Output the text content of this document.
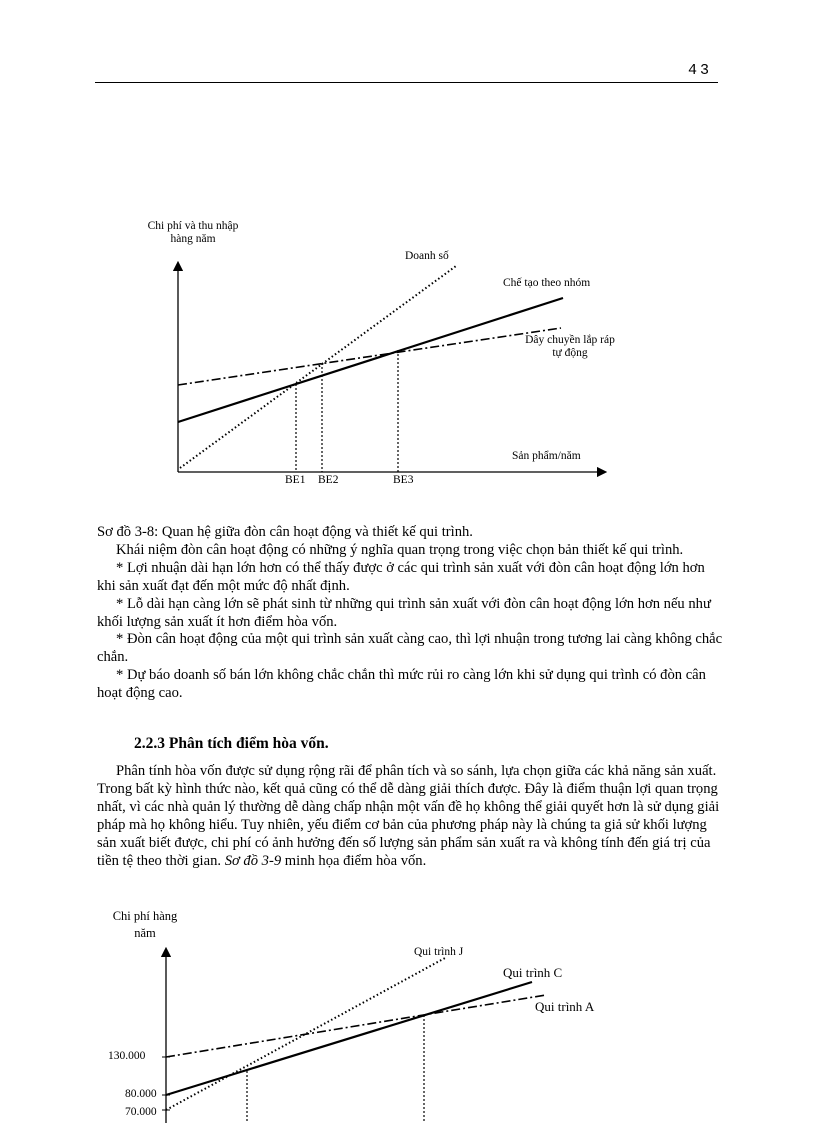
43
Chi phí và thu nhập
hàng năm
Doanh số
Chế tạo theo nhóm
Dây chuyền lắp ráp
tự động
Sản phẩm/năm
BE1 BE2	BE3

Sơ đồ 3-8: Quan hệ giữa đòn cân hoạt động và thiết kế qui trình.

Khái niệm đòn cân hoạt động có những ý nghĩa quan trọng trong việc chọn bản thiết kế qui trình.

* Lợi nhuận dài hạn lớn hơn có thể thấy được ở các qui trình sản xuất với đòn cân hoạt động lớn hơn khi sản xuất đạt đến một mức độ nhất định.

* Lỗ dài hạn càng lớn sẽ phát sinh từ những qui trình sản xuất với đòn cân hoạt động lớn hơn nếu như khối lượng sản xuất ít hơn điểm hòa vốn.

* Đòn cân hoạt động của một qui trình sản xuất càng cao, thì lợi nhuận trong tương lai càng không chắc chắn.

* Dự báo doanh số bán lớn không chắc chắn thì mức rủi ro càng lớn khi sử dụng qui trình có đòn cân hoạt động cao.

2.2.3 Phân tích điểm hòa vốn.

Phân tính hòa vốn được sử dụng rộng rãi để phân tích và so sánh, lựa chọn giữa các khả năng sản xuất. Trong bất kỳ hình thức nào, kết quả cũng có thể dễ dàng giải thích được. Đây là điểm thuận lợi quan trọng nhất, vì các nhà quản lý thường dễ dàng chấp nhận một vấn đề họ không thể giải quyết hơn là sử dụng giải pháp mà họ không hiểu. Tuy nhiên, yếu điểm cơ bản của phương pháp này là chúng ta giả sử khối lượng sản xuất biết được, chi phí có ảnh hưởng đến số lượng sản phẩm sản xuất ra và không tính đến giá trị của tiền tệ theo thời gian. Sơ đồ 3-9 minh họa điểm hòa vốn.

Chi phí hàng
năm
Qui trình J
Qui trình C
Qui trình A
130.000
80.000
70.000
